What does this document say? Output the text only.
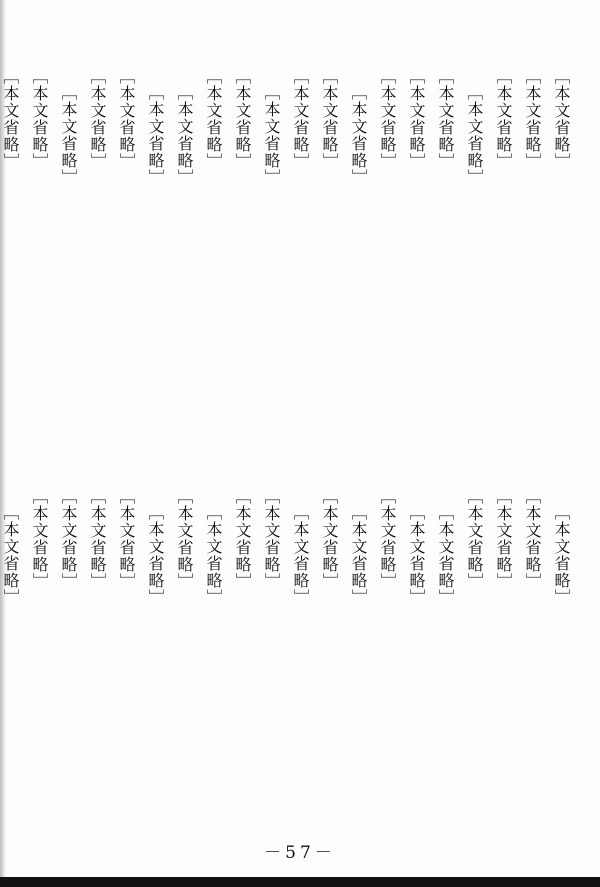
［本文省略］
［本文省略］
［本文省略］
［本文省略］
［本文省略］
［本文省略］
［本文省略］
［本文省略］
［本文省略］
［本文省略］
［本文省略］
［本文省略］
［本文省略］
［本文省略］
［本文省略］
［本文省略］
［本文省略］
［本文省略］
［本文省略］
［本文省略］
［本文省略］
［本文省略］
［本文省略］
［本文省略］
［本文省略］
［本文省略］
［本文省略］
［本文省略］
［本文省略］
［本文省略］
［本文省略］
［本文省略］
［本文省略］
［本文省略］
［本文省略］
［本文省略］
［本文省略］
［本文省略］
［本文省略］
［本文省略］
－57－
